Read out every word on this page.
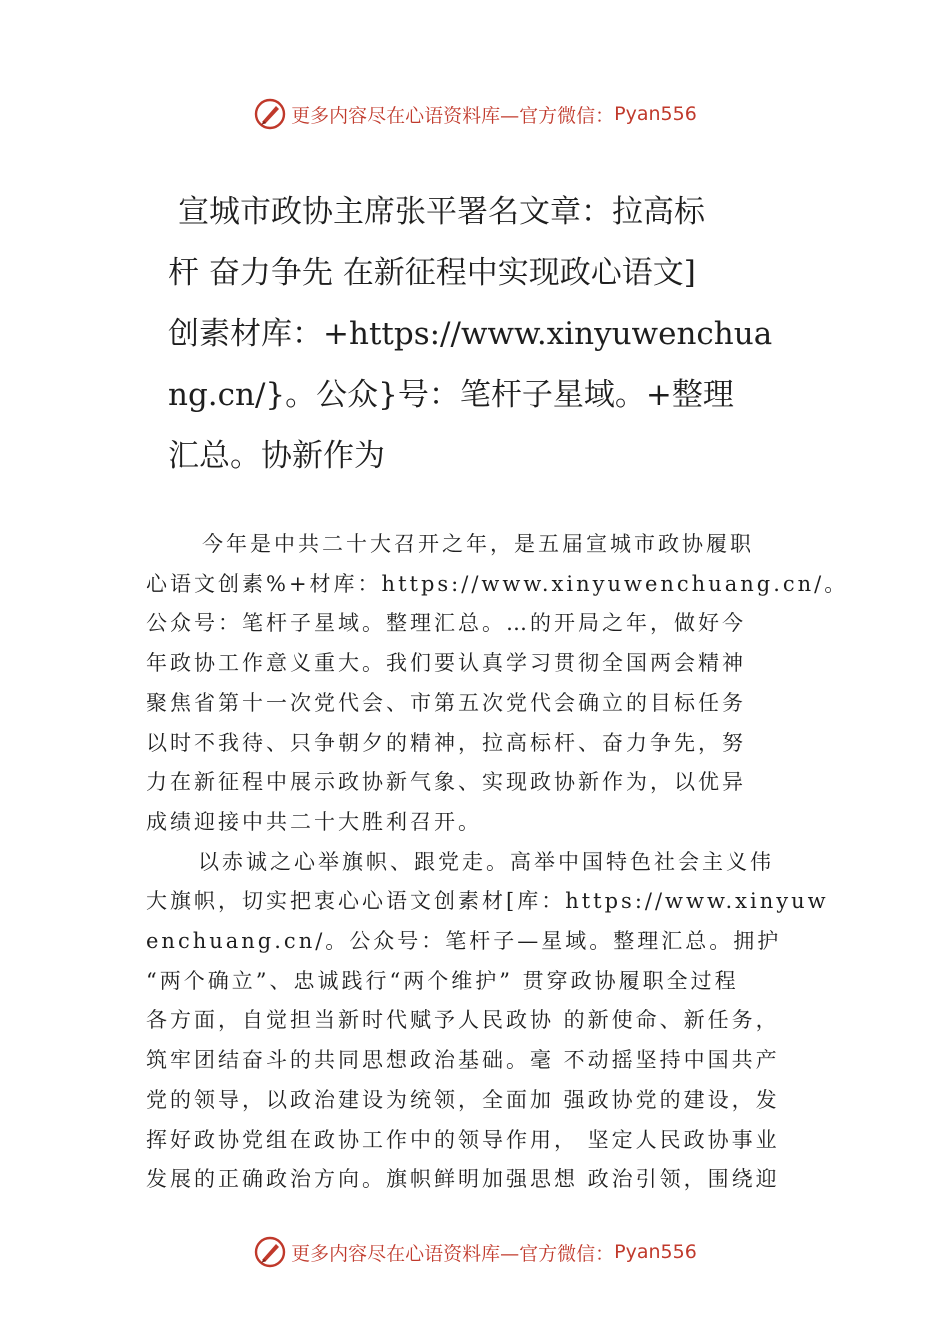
更多内容尽在心语资料库—官方微信： Pyan556
宣城市政协主席张平署名文章：拉高标
杆 奋力争先 在新征程中实现政心语文]
创素材库：+https://www.xinyuwenchua
ng.cn/}。公众}号：笔杆子星域。+整理
汇总。协新作为
今年是中共二十大召开之年，是五届宣城市政协履职
心语文创素%+材库：https://www.xinyuwenchuang.cn/。
公众号：笔杆子星域。整理汇总。…的开局之年，做好今
年政协工作意义重大。我们要认真学习贯彻全国两会精神
聚焦省第十一次党代会、市第五次党代会确立的目标任务
以时不我待、只争朝夕的精神，拉高标杆、奋力争先，努
力在新征程中展示政协新气象、实现政协新作为，以优异
成绩迎接中共二十大胜利召开。
以赤诚之心举旗帜、跟党走。高举中国特色社会主义伟
大旗帜，切实把衷心心语文创素材[库：https://www.xinyuw
enchuang.cn/。公众号：笔杆子—星域。整理汇总。拥护
“两个确立”、忠诚践行“两个维护” 贯穿政协履职全过程
各方面，自觉担当新时代赋予人民政协 的新使命、新任务，
筑牢团结奋斗的共同思想政治基础。毫 不动摇坚持中国共产
党的领导，以政治建设为统领，全面加 强政协党的建设，发
挥好政协党组在政协工作中的领导作用， 坚定人民政协事业
发展的正确政治方向。旗帜鲜明加强思想 政治引领，围绕迎
更多内容尽在心语资料库—官方微信： Pyan556
